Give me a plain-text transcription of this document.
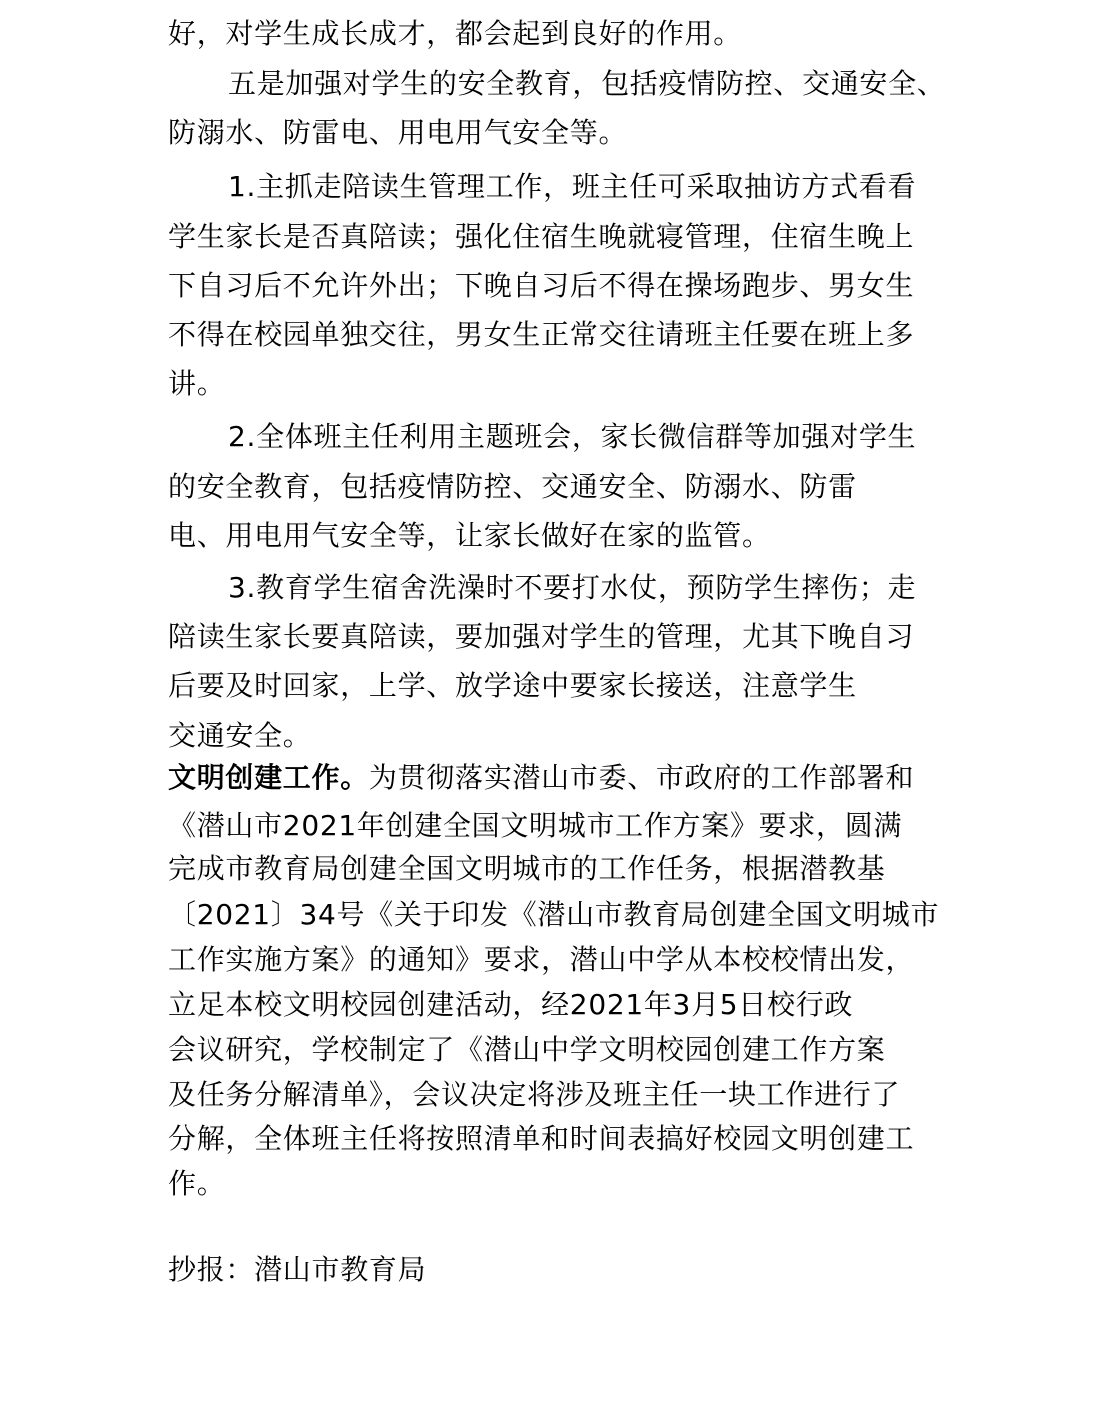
好，对学生成长成才，都会起到良好的作用。
五是加强对学生的安全教育，包括疫情防控、交通安全、
防溺水、防雷电、用电用气安全等。
1.主抓走陪读生管理工作，班主任可采取抽访方式看看
学生家长是否真陪读；强化住宿生晚就寝管理，住宿生晚上
下自习后不允许外出；下晚自习后不得在操场跑步、男女生
不得在校园单独交往，男女生正常交往请班主任要在班上多
讲。
2.全体班主任利用主题班会，家长微信群等加强对学生
的安全教育，包括疫情防控、交通安全、防溺水、防雷
电、用电用气安全等，让家长做好在家的监管。
3.教育学生宿舍洗澡时不要打水仗，预防学生摔伤；走
陪读生家长要真陪读，要加强对学生的管理，尤其下晚自习
后要及时回家，上学、放学途中要家长接送，注意学生
交通安全。
文明创建工作。为贯彻落实潜山市委、市政府的工作部署和
《潜山市2021年创建全国文明城市工作方案》要求，圆满
完成市教育局创建全国文明城市的工作任务，根据潜教基
〔2021〕34号《关于印发《潜山市教育局创建全国文明城市
工作实施方案》的通知》要求，潜山中学从本校校情出发，
立足本校文明校园创建活动，经2021年3月5日校行政
会议研究，学校制定了《潜山中学文明校园创建工作方案
及任务分解清单》，会议决定将涉及班主任一块工作进行了
分解，全体班主任将按照清单和时间表搞好校园文明创建工
作。
抄报：潜山市教育局
